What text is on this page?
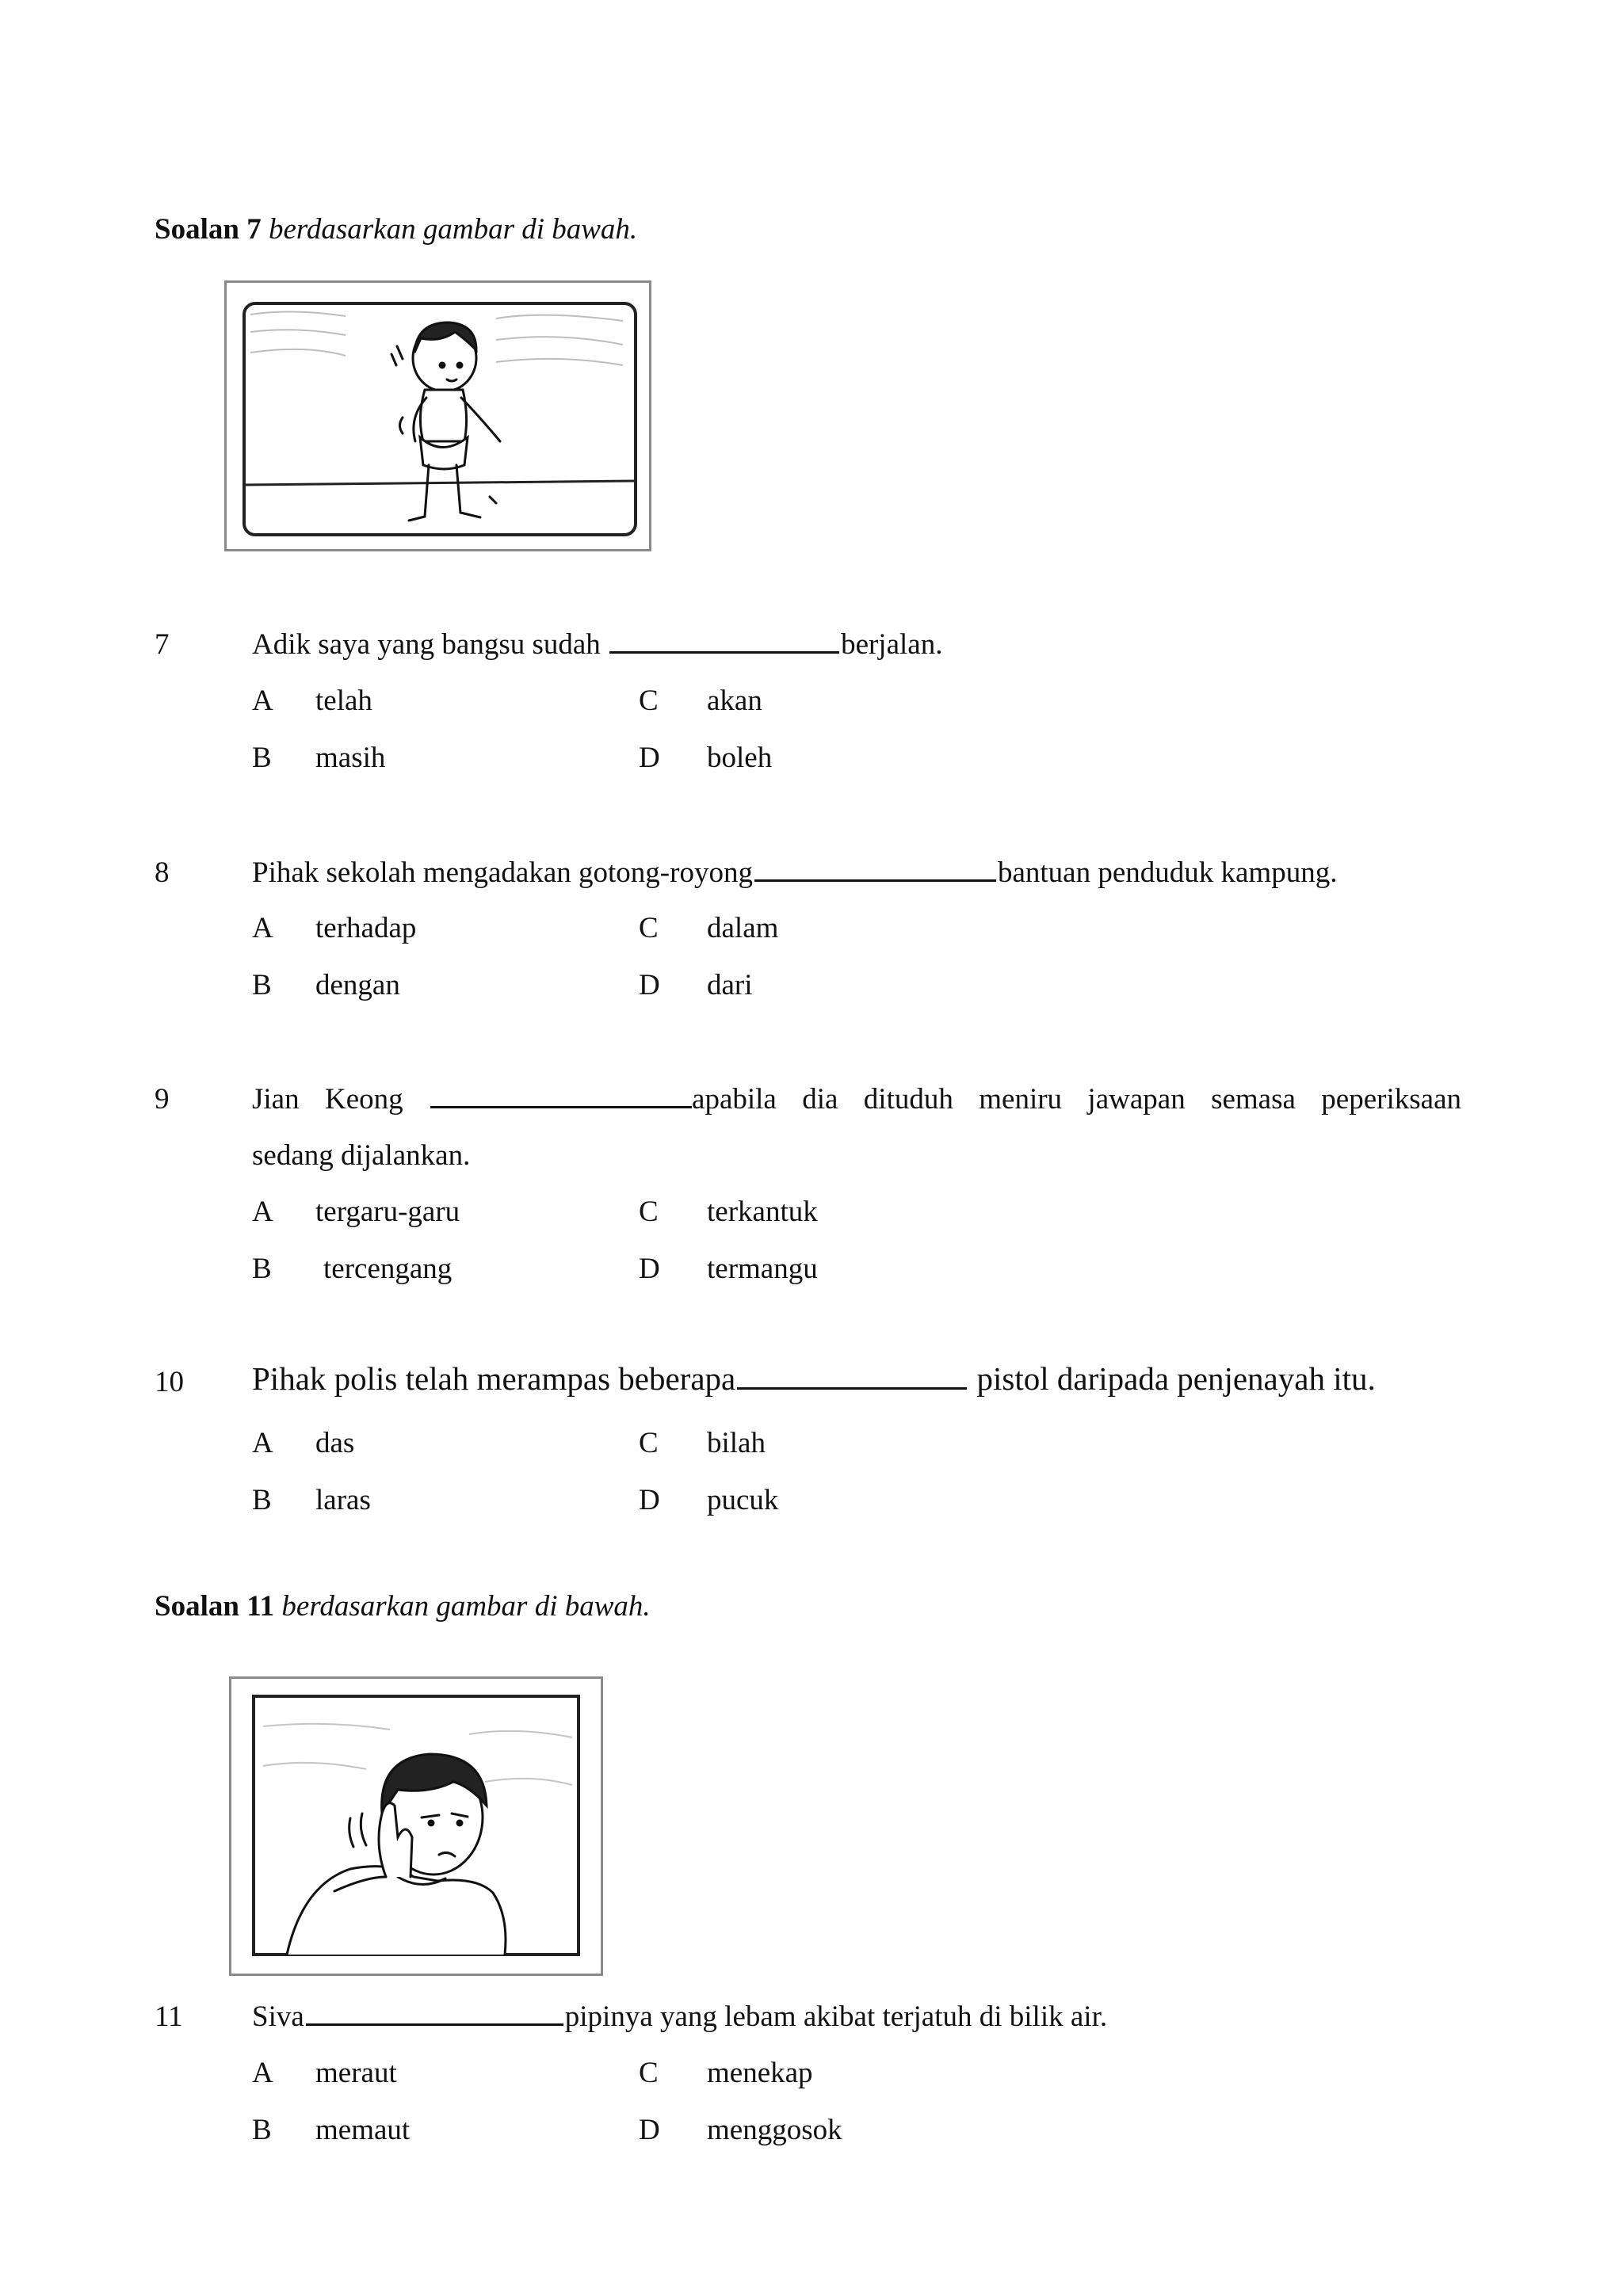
Soalan 7 berdasarkan gambar di bawah.
7	Adik saya yang bangsu sudah	berjalan.
A telah	C akan
B masih	D boleh
8	Pihak sekolah mengadakan gotong-royong	bantuan penduduk kampung.
A terhadap	C dalam
B dengan	D dari
9	Jian Keong	apabila dia dituduh meniru jawapan semasa peperiksaan
sedang dijalankan.
A tergaru-garu	C terkantuk
B tercengang	D termangu
10 Pihak polis telah merampas beberapa	pistol daripada penjenayah itu.
A das	C bilah
B laras	D pucuk
Soalan 11 berdasarkan gambar di bawah.
11 Siva	pipinya yang lebam akibat terjatuh di bilik air.
A meraut	C menekap
B memaut	D menggosok
